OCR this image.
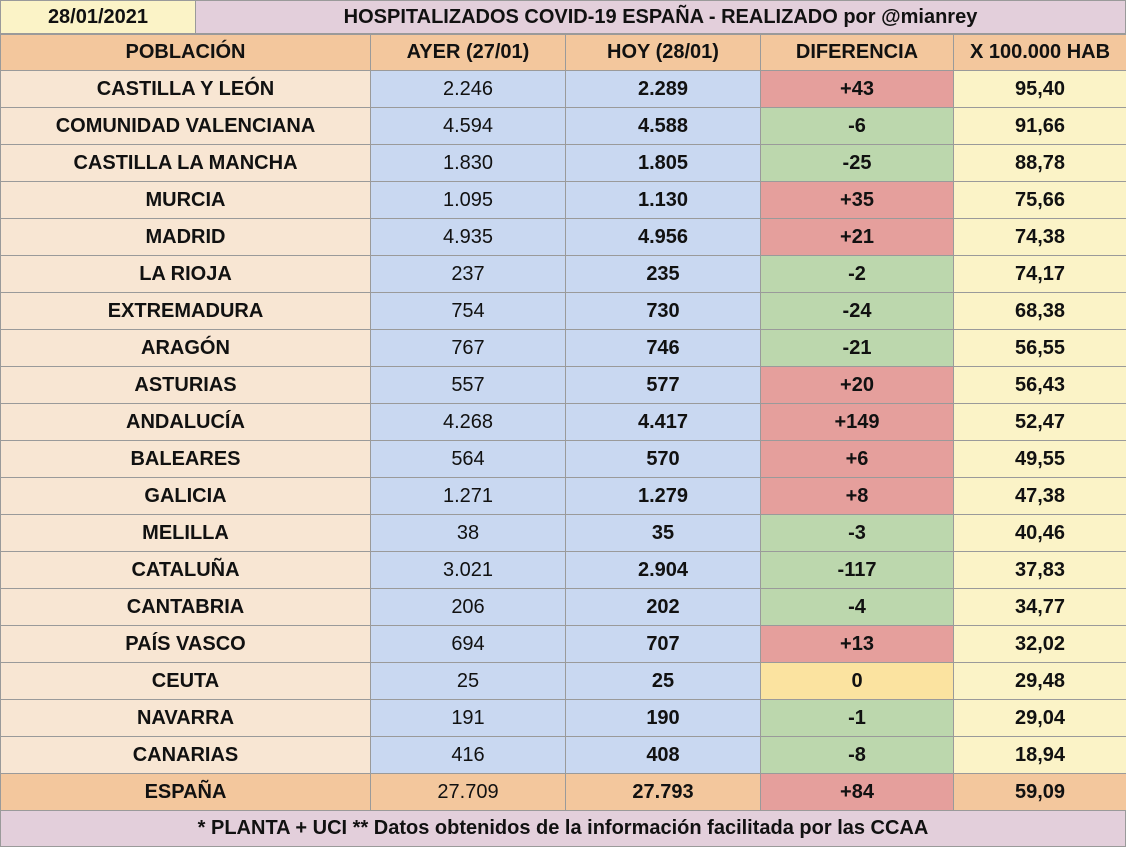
28/01/2021	HOSPITALIZADOS COVID-19 ESPAÑA - REALIZADO por @mianrey
POBLACIÓN	AYER (27/01)	HOY (28/01)	DIFERENCIA	X 100.000 HAB
CASTILLA Y LEÓN	2.246	2.289	+43	95,40
COMUNIDAD VALENCIANA	4.594	4.588	-6	91,66
CASTILLA LA MANCHA	1.830	1.805	-25	88,78
MURCIA	1.095	1.130	+35	75,66
MADRID	4.935	4.956	+21	74,38
LA RIOJA	237	235	-2	74,17
EXTREMADURA	754	730	-24	68,38
ARAGÓN	767	746	-21	56,55
ASTURIAS	557	577	+20	56,43
ANDALUCÍA	4.268	4.417	+149	52,47
BALEARES	564	570	+6	49,55
GALICIA	1.271	1.279	+8	47,38
MELILLA	38	35	-3	40,46
CATALUÑA	3.021	2.904	-117	37,83
CANTABRIA	206	202	-4	34,77
PAÍS VASCO	694	707	+13	32,02
CEUTA	25	25	0	29,48
NAVARRA	191	190	-1	29,04
CANARIAS	416	408	-8	18,94
ESPAÑA	27.709	27.793	+84	59,09
* PLANTA + UCI ** Datos obtenidos de la información facilitada por las CCAA
